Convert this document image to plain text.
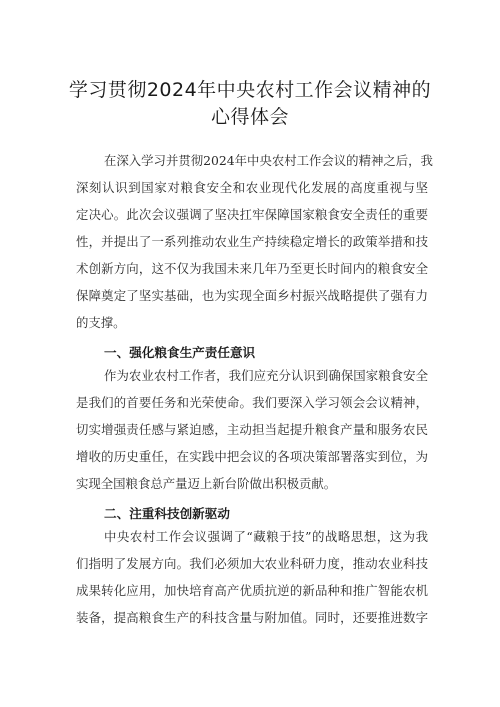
学习贯彻2024年中央农村工作会议精神的
心得体会
在深入学习并贯彻2024年中央农村工作会议的精神之后，我
深刻认识到国家对粮食安全和农业现代化发展的高度重视与坚
定决心。此次会议强调了坚决扛牢保障国家粮食安全责任的重要
性，并提出了一系列推动农业生产持续稳定增长的政策举措和技
术创新方向，这不仅为我国未来几年乃至更长时间内的粮食安全
保障奠定了坚实基础，也为实现全面乡村振兴战略提供了强有力
的支撑。
一、强化粮食生产责任意识
作为农业农村工作者，我们应充分认识到确保国家粮食安全
是我们的首要任务和光荣使命。我们要深入学习领会会议精神，
切实增强责任感与紧迫感，主动担当起提升粮食产量和服务农民
增收的历史重任，在实践中把会议的各项决策部署落实到位，为
实现全国粮食总产量迈上新台阶做出积极贡献。
二、注重科技创新驱动
中央农村工作会议强调了“藏粮于技”的战略思想，这为我
们指明了发展方向。我们必须加大农业科研力度，推动农业科技
成果转化应用，加快培育高产优质抗逆的新品种和推广智能农机
装备，提高粮食生产的科技含量与附加值。同时，还要推进数字
